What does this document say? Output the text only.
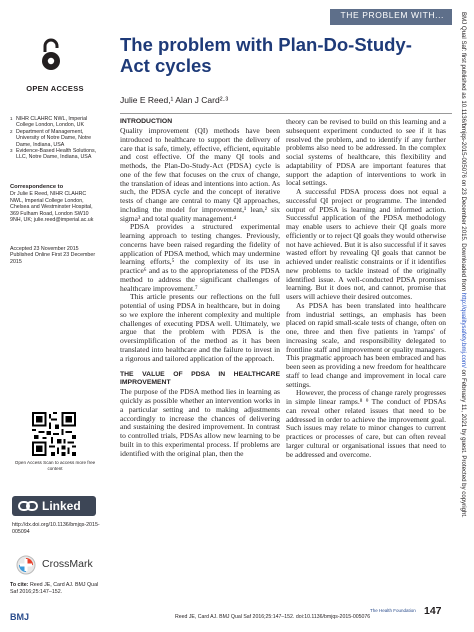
THE PROBLEM WITH...
OPEN ACCESS
1 NIHR CLAHRC NWL, Imperial College London, London, UK
2 Department of Management, University of Notre Dame, Notre Dame, Indiana, USA
3 Evidence-Based Health Solutions, LLC, Notre Dame, Indiana, USA

Correspondence to

Dr Julie E Reed, NIHR CLAHRC NWL, Imperial College London, Chelsea and Westminster Hospital, 369 Fulham Road, London SW10 9NH, UK; julie.reed@imperial.ac.uk

Accepted 23 November 2015 Published Online First 23 December 2015

Open Access Scan to access more free content
Linked
http://dx.doi.org/10.1136/bmjqs-2015-005094
CrossMark
To cite: Reed JE, Card AJ. BMJ Qual Saf 2016;25:147–152.
BMJ
The problem with Plan-Do-Study-Act cycles
Julie E Reed,¹ Alan J Card²·³
INTRODUCTION

Quality improvement (QI) methods have been introduced to healthcare to support the delivery of care that is safe, timely, effective, efficient, equitable and cost effective. Of the many QI tools and methods, the Plan-Do-Study-Act (PDSA) cycle is one of the few that focuses on the crux of change, the translation of ideas and intentions into action. As such, the PDSA cycle and the concept of iterative tests of change are central to many QI approaches, including the model for improvement,¹ lean,² six sigma³ and total quality management.⁴

PDSA provides a structured experimental learning approach to testing changes. Previously, concerns have been raised regarding the fidelity of application of PDSA method, which may undermine learning efforts,⁵ the complexity of its use in practice⁶ and as to the appropriateness of the PDSA method to address the significant challenges of healthcare improvement.⁷

This article presents our reflections on the full potential of using PDSA in healthcare, but in doing so we explore the inherent complexity and multiple challenges of executing PDSA well. Ultimately, we argue that the problem with PDSA is the oversimplification of the method as it has been translated into healthcare and the failure to invest in a rigorous and tailored application of the approach.

THE VALUE OF PDSA IN HEALTHCARE IMPROVEMENT

The purpose of the PDSA method lies in learning as quickly as possible whether an intervention works in a particular setting and to making adjustments accordingly to increase the chances of delivering and sustaining the desired improvement. In contrast to controlled trials, PDSAs allow new learning to be built in to this experimental process. If problems are identified with the original plan, then the

theory can be revised to build on this learning and a subsequent experiment conducted to see if it has resolved the problem, and to identify if any further problems also need to be addressed. In the complex social systems of healthcare, this flexibility and adaptability of PDSA are important features that support the adaption of interventions to work in local settings.

A successful PDSA process does not equal a successful QI project or programme. The intended output of PDSA is learning and informed action. Successful application of the PDSA methodology may enable users to achieve their QI goals more efficiently or to reject QI goals they would otherwise not have achieved. But it is also successful if it saves wasted effort by revealing QI goals that cannot be achieved under realistic constraints or if it identifies new problems to tackle instead of the originally identified issue. A well-conducted PDSA promises learning. But it does not, and cannot, promise that users will achieve their desired outcomes.

As PDSA has been translated into healthcare from industrial settings, an emphasis has been placed on rapid small-scale tests of change, often on one, three and then five patients in 'ramps' of increasing scale, and responsibility delegated to frontline staff and improvement or quality managers. This pragmatic approach has been embraced and has been seen as providing a new freedom for healthcare staff to lead change and improvement in local care settings.

However, the process of change rarely progresses in simple linear ramps.⁸ ⁹ The conduct of PDSAs can reveal other related issues that need to be addressed in order to achieve the improvement goal. Such issues may relate to minor changes to current practices or processes of care, but can often reveal larger cultural or organisational issues that need to be addressed and overcome.

BMJ Qual Saf: first published as 10.1136/bmjqs-2015-005076 on 23 December 2015. Downloaded from http://qualitysafety.bmj.com/ on February 11, 2021 by guest. Protected by copyright.
Reed JE, Card AJ. BMJ Qual Saf 2016;25:147–152. doi:10.1136/bmjqs-2015-005076
The Health Foundation 147
